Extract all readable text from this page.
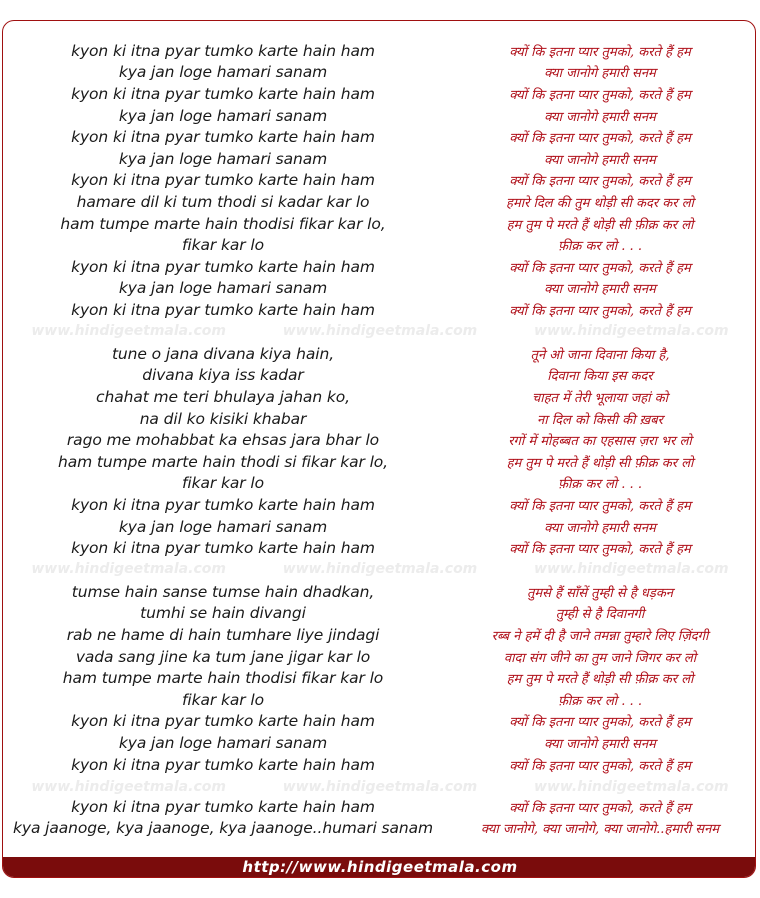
www.hindigeetmala.com	www.hindigeetmala.com	www.hindigeetmala.com
www.hindigeetmala.com	www.hindigeetmala.com	www.hindigeetmala.com
www.hindigeetmala.com	www.hindigeetmala.com	www.hindigeetmala.com
kyon ki itna pyar tumko karte hain ham	क्यों कि इतना प्यार तुमको, करते हैं हम
kya jan loge hamari sanam	क्या जानोगे हमारी सनम
kyon ki itna pyar tumko karte hain ham	क्यों कि इतना प्यार तुमको, करते हैं हम
kya jan loge hamari sanam	क्या जानोगे हमारी सनम
kyon ki itna pyar tumko karte hain ham	क्यों कि इतना प्यार तुमको, करते हैं हम
kya jan loge hamari sanam	क्या जानोगे हमारी सनम
kyon ki itna pyar tumko karte hain ham	क्यों कि इतना प्यार तुमको, करते हैं हम
hamare dil ki tum thodi si kadar kar lo	हमारे दिल की तुम थोड़ी सी कदर कर लो
ham tumpe marte hain thodisi fikar kar lo,	हम तुम पे मरते हैं थोड़ी सी फ़ीक्र कर लो
fikar kar lo	फ़ीक्र कर लो . . .
kyon ki itna pyar tumko karte hain ham	क्यों कि इतना प्यार तुमको, करते हैं हम
kya jan loge hamari sanam	क्या जानोगे हमारी सनम
kyon ki itna pyar tumko karte hain ham	क्यों कि इतना प्यार तुमको, करते हैं हम
tune o jana divana kiya hain,	तूने ओ जाना दिवाना किया है,
divana kiya iss kadar	दिवाना किया इस कदर
chahat me teri bhulaya jahan ko,	चाहत में तेरी भूलाया जहां को
na dil ko kisiki khabar	ना दिल को किसी की ख़बर
rago me mohabbat ka ehsas jara bhar lo	रगों में मोहब्बत का एहसास ज़रा भर लो
ham tumpe marte hain thodi si fikar kar lo,	हम तुम पे मरते हैं थोड़ी सी फ़ीक्र कर लो
fikar kar lo	फ़ीक्र कर लो . . .
kyon ki itna pyar tumko karte hain ham	क्यों कि इतना प्यार तुमको, करते हैं हम
kya jan loge hamari sanam	क्या जानोगे हमारी सनम
kyon ki itna pyar tumko karte hain ham	क्यों कि इतना प्यार तुमको, करते हैं हम
tumse hain sanse tumse hain dhadkan,	तुमसे हैं साँसें तुम्ही से है धड़कन
tumhi se hain divangi	तुम्ही से है दिवानगी
rab ne hame di hain tumhare liye jindagi	रब्ब ने हमें दी है जाने तमन्ना तुम्हारे लिए ज़िंदगी
vada sang jine ka tum jane jigar kar lo	वादा संग जीने का तुम जाने जिगर कर लो
ham tumpe marte hain thodisi fikar kar lo	हम तुम पे मरते हैं थोड़ी सी फ़ीक्र कर लो
fikar kar lo	फ़ीक्र कर लो . . .
kyon ki itna pyar tumko karte hain ham	क्यों कि इतना प्यार तुमको, करते हैं हम
kya jan loge hamari sanam	क्या जानोगे हमारी सनम
kyon ki itna pyar tumko karte hain ham	क्यों कि इतना प्यार तुमको, करते हैं हम
kyon ki itna pyar tumko karte hain ham	क्यों कि इतना प्यार तुमको, करते हैं हम
kya jaanoge, kya jaanoge, kya jaanoge..humari sanam	क्या जानोगे, क्या जानोगे, क्या जानोगे..हमारी सनम
http://www.hindigeetmala.com
